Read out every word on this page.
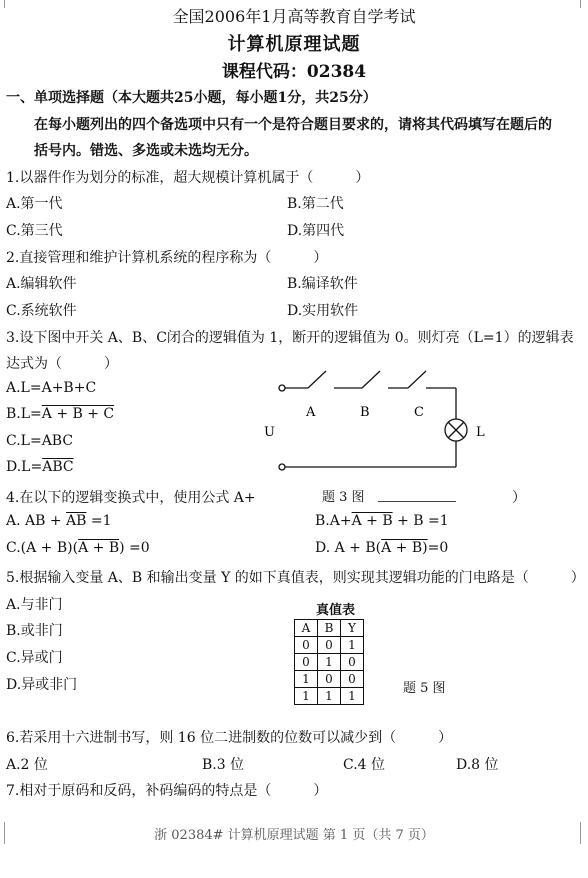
全国2006年1月高等教育自学考试
计算机原理试题
课程代码：02384
一、单项选择题（本大题共25小题，每小题1分，共25分）
在每小题列出的四个备选项中只有一个是符合题目要求的，请将其代码填写在题后的
括号内。错选、多选或未选均无分。
1.以器件作为划分的标准，超大规模计算机属于（　　　）
A.第一代	B.第二代
C.第三代	D.第四代
2.直接管理和维护计算机系统的程序称为（　　　）
A.编辑软件	B.编译软件
C.系统软件	D.实用软件
3.设下图中开关 A、B、C闭合的逻辑值为 1，断开的逻辑值为 0。则灯亮（L=1）的逻辑表
达式为（　　　）
A.L=A+B+C
B.L=A + B + C
C.L=ABC
$D.L=\overline{ABC}$
A	B	C
U	L
4.在以下的逻辑变换式中，使用公式 A+	题 3 图	）
A. AB + $\overline{AB} =1$	B.A+A + B + B =1
C.(A + B)(A + B) =0	D. A + B(A + B)=0
5.根据输入变量 A、B 和输出变量 Y 的如下真值表，则实现其逻辑功能的门电路是（　　　）
A.与非门
B.或非门
C.异或门
D.异或非门
真值表
A	B	Y
0	0	1
0	1	0
1	0	0
1	1	1	题 5 图
6.若采用十六进制书写，则 16 位二进制数的位数可以减少到（　　　）
A.2 位	B.3 位	C.4 位	D.8 位
7.相对于原码和反码，补码编码的特点是（　　　）
浙 02384# 计算机原理试题 第 1 页（共 7 页）
